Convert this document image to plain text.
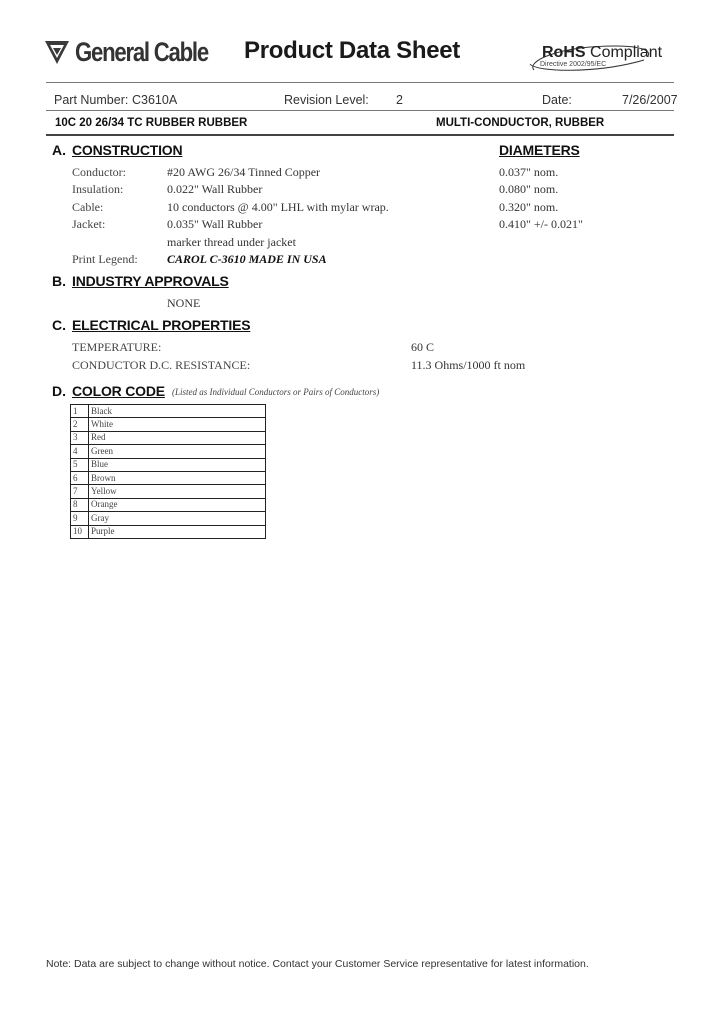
General Cable Product Data Sheet	RoHS Compliant
Directive 2002/95/EC
Part Number: C3610A	Revision Level: 2	Date:	7/26/2007
10C 20 26/34 TC RUBBER RUBBER	MULTI-CONDUCTOR, RUBBER
A. CONSTRUCTION	DIAMETERS
Conductor:	#20 AWG 26/34 Tinned Copper	0.037" nom.
Insulation:	0.022" Wall Rubber	0.080" nom.
Cable:	10 conductors @ 4.00" LHL with mylar wrap.	0.320" nom.
Jacket:	0.035" Wall Rubber	0.410" +/- 0.021"
marker thread under jacket
Print Legend: CAROL C-3610 MADE IN USA
B. INDUSTRY APPROVALS
NONE
C. ELECTRICAL PROPERTIES
TEMPERATURE:	60 C
CONDUCTOR D.C. RESISTANCE:	11.3 Ohms/1000 ft nom
D. COLOR CODE (Listed as Individual Conductors or Pairs of Conductors)
1	Black
2	White
3	Red
4	Green
5	Blue
6	Brown
7	Yellow
8	Orange
9	Gray
10	Purple
Note: Data are subject to change without notice. Contact your Customer Service representative for latest information.
